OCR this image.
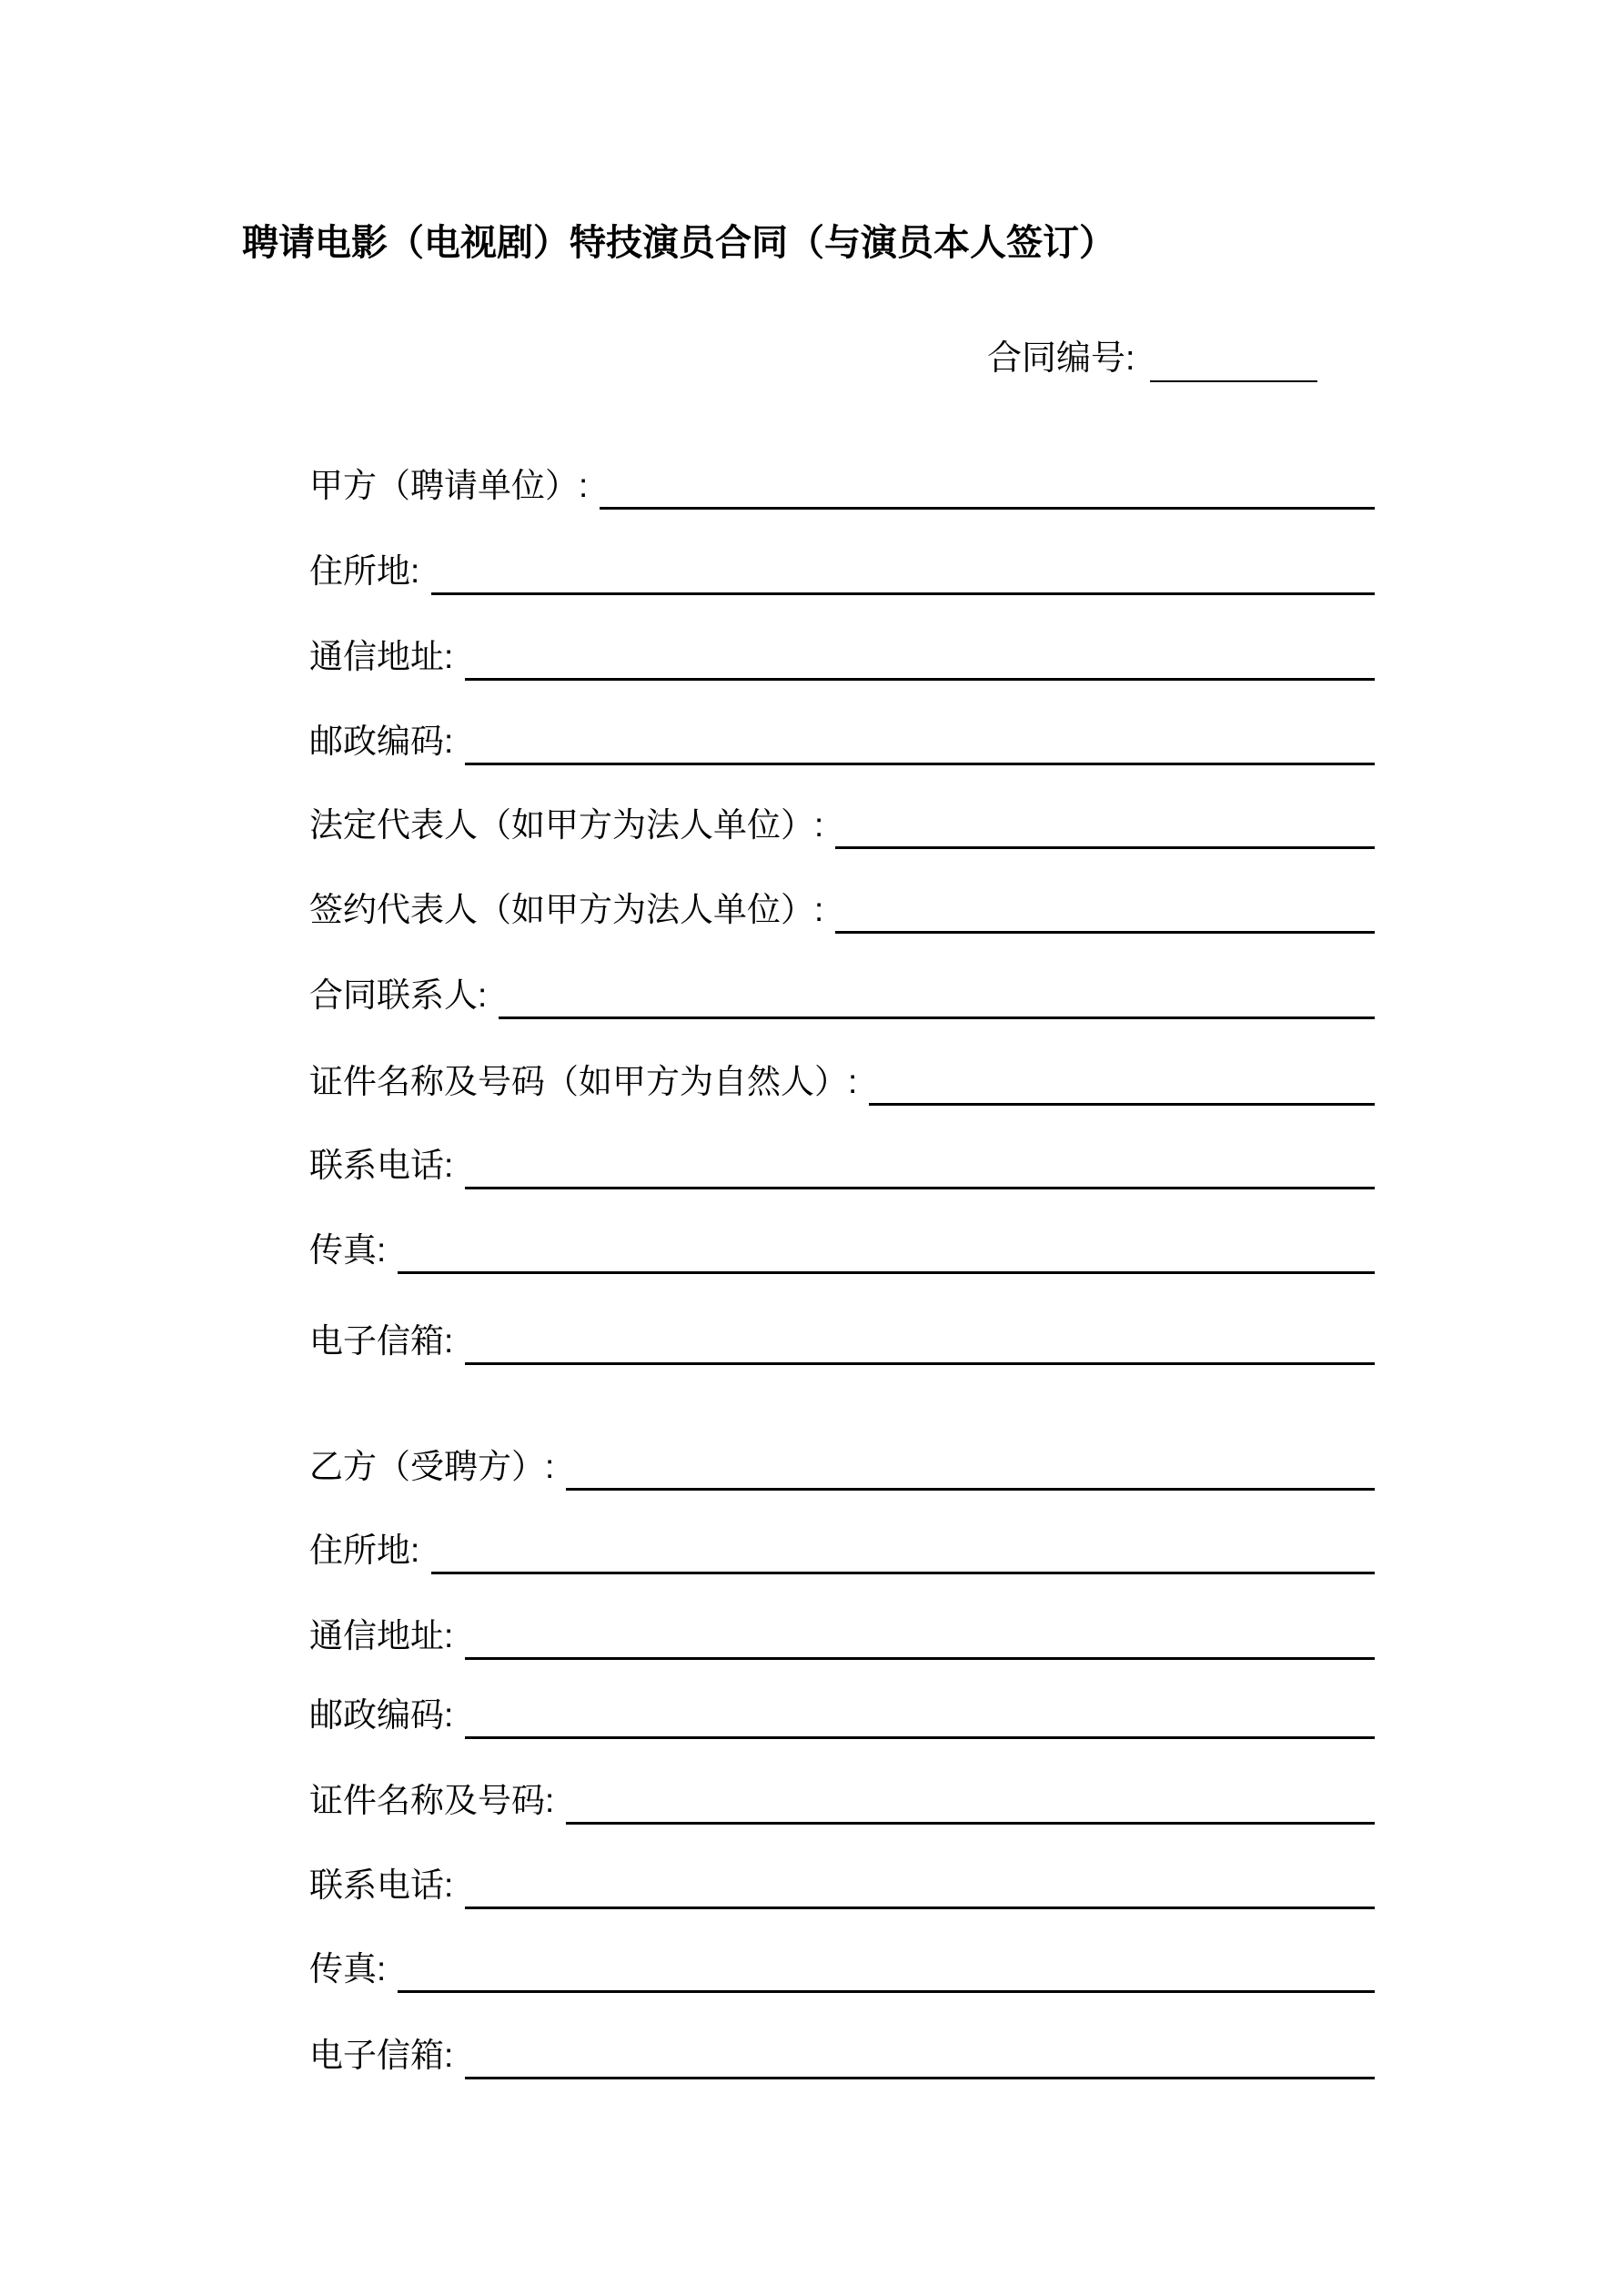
聘请电影（电视剧）特技演员合同（与演员本人签订）
合同编号:
甲方（聘请单位）:
住所地:
通信地址:
邮政编码:
法定代表人（如甲方为法人单位）:
签约代表人（如甲方为法人单位）:
合同联系人:
证件名称及号码（如甲方为自然人）:
联系电话:
传真:
电子信箱:
乙方（受聘方）:
住所地:
通信地址:
邮政编码:
证件名称及号码:
联系电话:
传真:
电子信箱:
